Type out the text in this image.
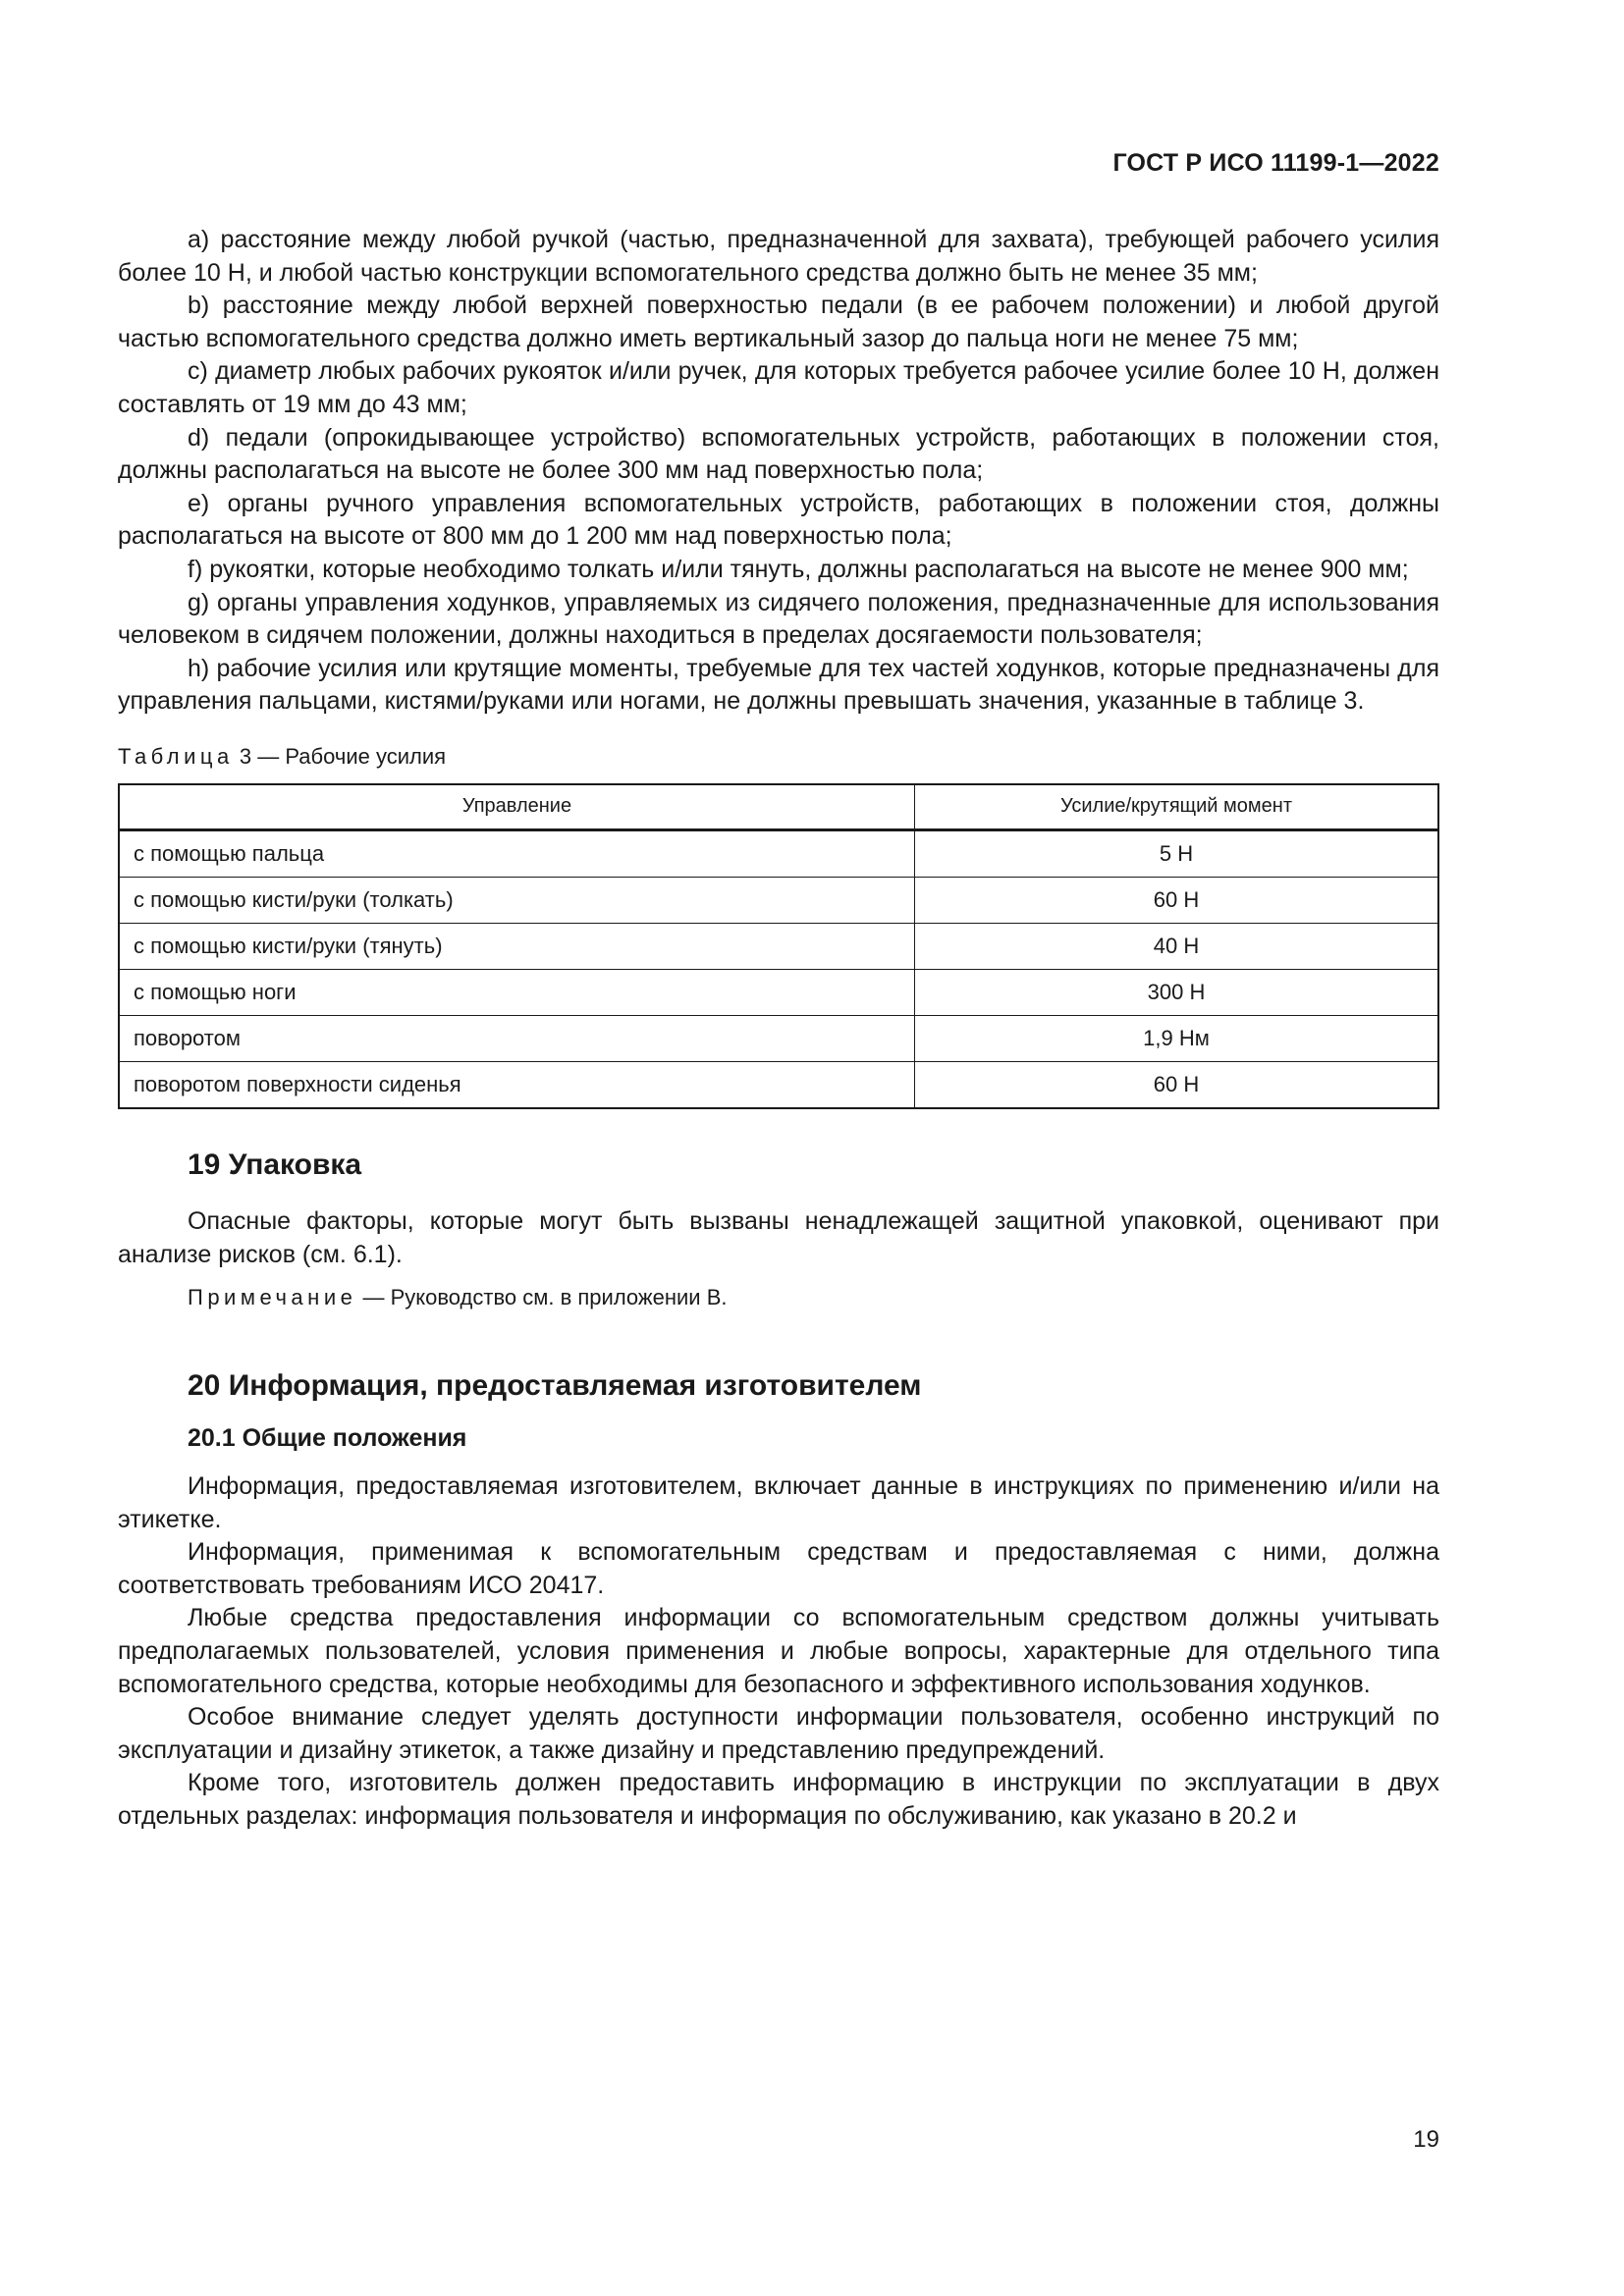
ГОСТ Р ИСО 11199-1—2022

a) расстояние между любой ручкой (частью, предназначенной для захвата), требующей рабочего усилия более 10 Н, и любой частью конструкции вспомогательного средства должно быть не менее 35 мм;

b) расстояние между любой верхней поверхностью педали (в ее рабочем положении) и любой другой частью вспомогательного средства должно иметь вертикальный зазор до пальца ноги не менее 75 мм;

c) диаметр любых рабочих рукояток и/или ручек, для которых требуется рабочее усилие более 10 Н, должен составлять от 19 мм до 43 мм;

d) педали (опрокидывающее устройство) вспомогательных устройств, работающих в положении стоя, должны располагаться на высоте не более 300 мм над поверхностью пола;

e) органы ручного управления вспомогательных устройств, работающих в положении стоя, должны располагаться на высоте от 800 мм до 1 200 мм над поверхностью пола;

f) рукоятки, которые необходимо толкать и/или тянуть, должны располагаться на высоте не менее 900 мм;

g) органы управления ходунков, управляемых из сидячего положения, предназначенные для использования человеком в сидячем положении, должны находиться в пределах досягаемости пользователя;

h) рабочие усилия или крутящие моменты, требуемые для тех частей ходунков, которые предназначены для управления пальцами, кистями/руками или ногами, не должны превышать значения, указанные в таблице 3.

Таблица 3 — Рабочие усилия
Управление	Усилие/крутящий момент
с помощью пальца	5 Н
с помощью кисти/руки (толкать)	60 Н
с помощью кисти/руки (тянуть)	40 Н
с помощью ноги	300 Н
поворотом	1,9 Нм
поворотом поверхности сиденья	60 Н
19 Упаковка

Опасные факторы, которые могут быть вызваны ненадлежащей защитной упаковкой, оценивают при анализе рисков (см. 6.1).

Примечание — Руководство см. в приложении В.

20 Информация, предоставляемая изготовителем
20.1 Общие положения

Информация, предоставляемая изготовителем, включает данные в инструкциях по применению и/или на этикетке.

Информация, применимая к вспомогательным средствам и предоставляемая с ними, должна соответствовать требованиям ИСО 20417.

Любые средства предоставления информации со вспомогательным средством должны учитывать предполагаемых пользователей, условия применения и любые вопросы, характерные для отдельного типа вспомогательного средства, которые необходимы для безопасного и эффективного использования ходунков.

Особое внимание следует уделять доступности информации пользователя, особенно инструкций по эксплуатации и дизайну этикеток, а также дизайну и представлению предупреждений.

Кроме того, изготовитель должен предоставить информацию в инструкции по эксплуатации в двух отдельных разделах: информация пользователя и информация по обслуживанию, как указано в 20.2 и

19
